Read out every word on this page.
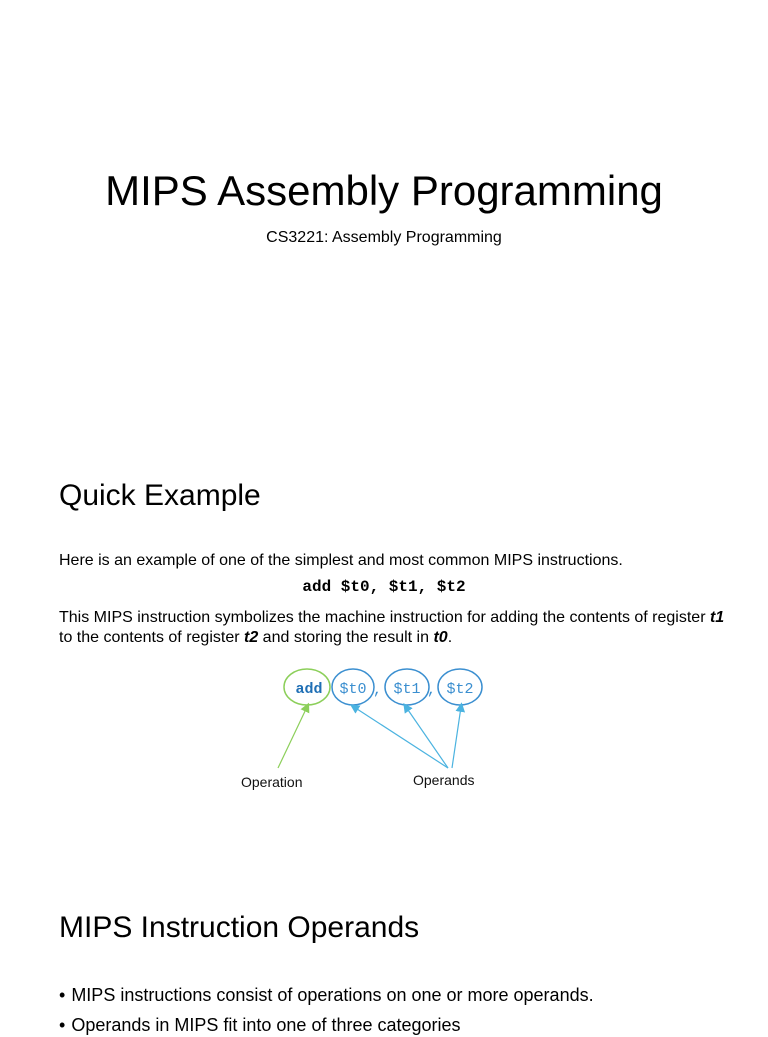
MIPS Assembly Programming
CS3221: Assembly Programming
Quick Example
Here is an example of one of the simplest and most common MIPS instructions.
add $t0, $t1, $t2
This MIPS instruction symbolizes the machine instruction for adding the contents of register t1 to the contents of register t2 and storing the result in t0.
add $t0 , $t1 , $t2
Operation	Operands
MIPS Instruction Operands
• MIPS instructions consist of operations on one or more operands.
• Operands in MIPS fit into one of three categories
